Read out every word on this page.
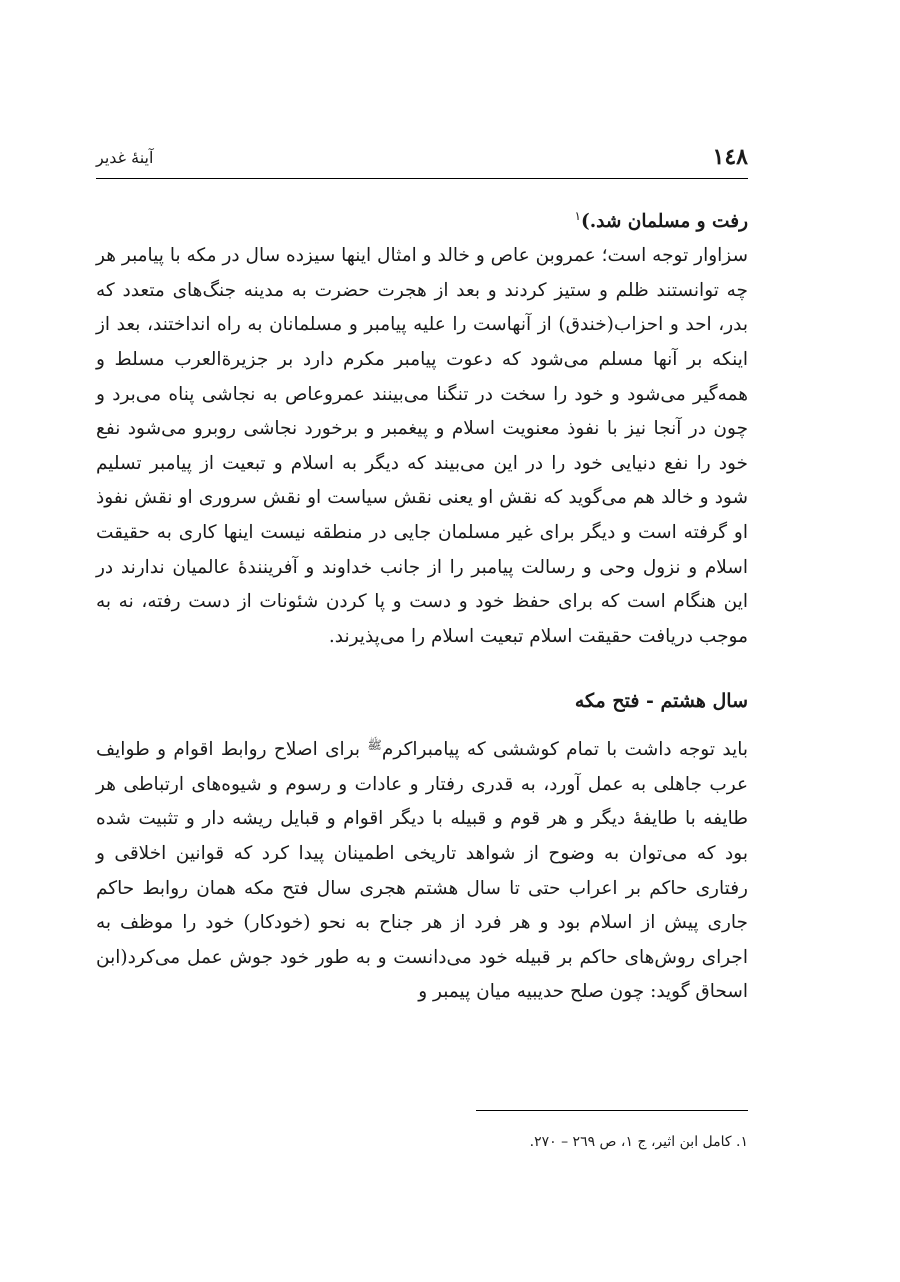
۱٤۸
آینهٔ غدیر
رفت و مسلمان شد.)$^۱$

سزاوار توجه است؛ عمروبن عاص و خالد و امثال اینها سیزده سال در مکه با پیامبر هر چه توانستند ظلم و ستیز کردند و بعد از هجرت حضرت به مدینه جنگ‌های متعدد که بدر، احد و احزاب(خندق) از آنهاست را علیه پیامبر و مسلمانان به راه انداختند، بعد از اینکه بر آنها مسلم می‌شود که دعوت پیامبر مکرم دارد بر جزیرةالعرب مسلط و همه‌گیر می‌شود و خود را سخت در تنگنا می‌بینند عمروعاص به نجاشی پناه می‌برد و چون در آنجا نیز با نفوذ معنویت اسلام و پیغمبر و برخورد نجاشی روبرو می‌شود نفع خود را نفع دنیایی خود را در این می‌بیند که دیگر به اسلام و تبعیت از پیامبر تسلیم شود و خالد هم می‌گوید که نقش او یعنی نقش سیاست او نقش سروری او نقش نفوذ او گرفته است و دیگر برای غیر مسلمان جایی در منطقه نیست اینها کاری به حقیقت اسلام و نزول وحی و رسالت پیامبر را از جانب خداوند و آفرینندهٔ عالمیان ندارند در این هنگام است که برای حفظ خود و دست و پا کردن شئونات از دست رفته، نه به موجب دریافت حقیقت اسلام تبعیت اسلام را می‌پذیرند.

سال هشتم - فتح مکه

باید توجه داشت با تمام کوششی که پیامبراکرم$^ﷺ$ برای اصلاح روابط اقوام و طوایف عرب جاهلی به عمل آورد، به قدری رفتار و عادات و رسوم و شیوه‌های ارتباطی هر طایفه با طایفهٔ دیگر و هر قوم و قبیله با دیگر اقوام و قبایل ریشه دار و تثبیت شده بود که می‌توان به وضوح از شواهد تاریخی اطمینان پیدا کرد که قوانین اخلاقی و رفتاری حاکم بر اعراب حتی تا سال هشتم هجری سال فتح مکه همان روابط حاکم جاری پیش از اسلام بود و هر فرد از هر جناح به نحو (خودکار) خود را موظف به اجرای روش‌های حاکم بر قبیله خود می‌دانست و به طور خود جوش عمل می‌کرد(ابن اسحاق گوید: چون صلح حدیبیه میان پیمبر و

۱. کامل ابن اثیر، ج ۱، ص ۲٦۹ – ۲۷۰.
